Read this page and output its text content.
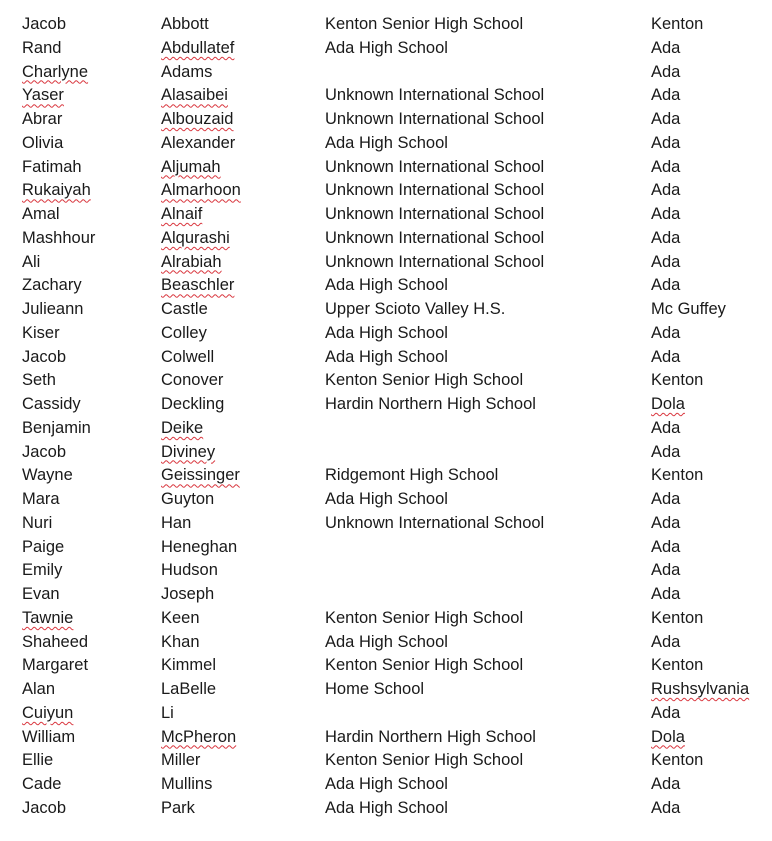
Jacob	Abbott	Kenton Senior High School	Kenton
Rand	Abdullatef	Ada High School	Ada
Charlyne	Adams		Ada
Yaser	Alasaibei	Unknown International School	Ada
Abrar	Albouzaid	Unknown International School	Ada
Olivia	Alexander	Ada High School	Ada
Fatimah	Aljumah	Unknown International School	Ada
Rukaiyah	Almarhoon	Unknown International School	Ada
Amal	Alnaif	Unknown International School	Ada
Mashhour	Alqurashi	Unknown International School	Ada
Ali	Alrabiah	Unknown International School	Ada
Zachary	Beaschler	Ada High School	Ada
Julieann	Castle	Upper Scioto Valley H.S.	Mc Guffey
Kiser	Colley	Ada High School	Ada
Jacob	Colwell	Ada High School	Ada
Seth	Conover	Kenton Senior High School	Kenton
Cassidy	Deckling	Hardin Northern High School	Dola
Benjamin	Deike		Ada
Jacob	Diviney		Ada
Wayne	Geissinger	Ridgemont High School	Kenton
Mara	Guyton	Ada High School	Ada
Nuri	Han	Unknown International School	Ada
Paige	Heneghan		Ada
Emily	Hudson		Ada
Evan	Joseph		Ada
Tawnie	Keen	Kenton Senior High School	Kenton
Shaheed	Khan	Ada High School	Ada
Margaret	Kimmel	Kenton Senior High School	Kenton
Alan	LaBelle	Home School	Rushsylvania
Cuiyun	Li		Ada
William	McPheron	Hardin Northern High School	Dola
Ellie	Miller	Kenton Senior High School	Kenton
Cade	Mullins	Ada High School	Ada
Jacob	Park	Ada High School	Ada
